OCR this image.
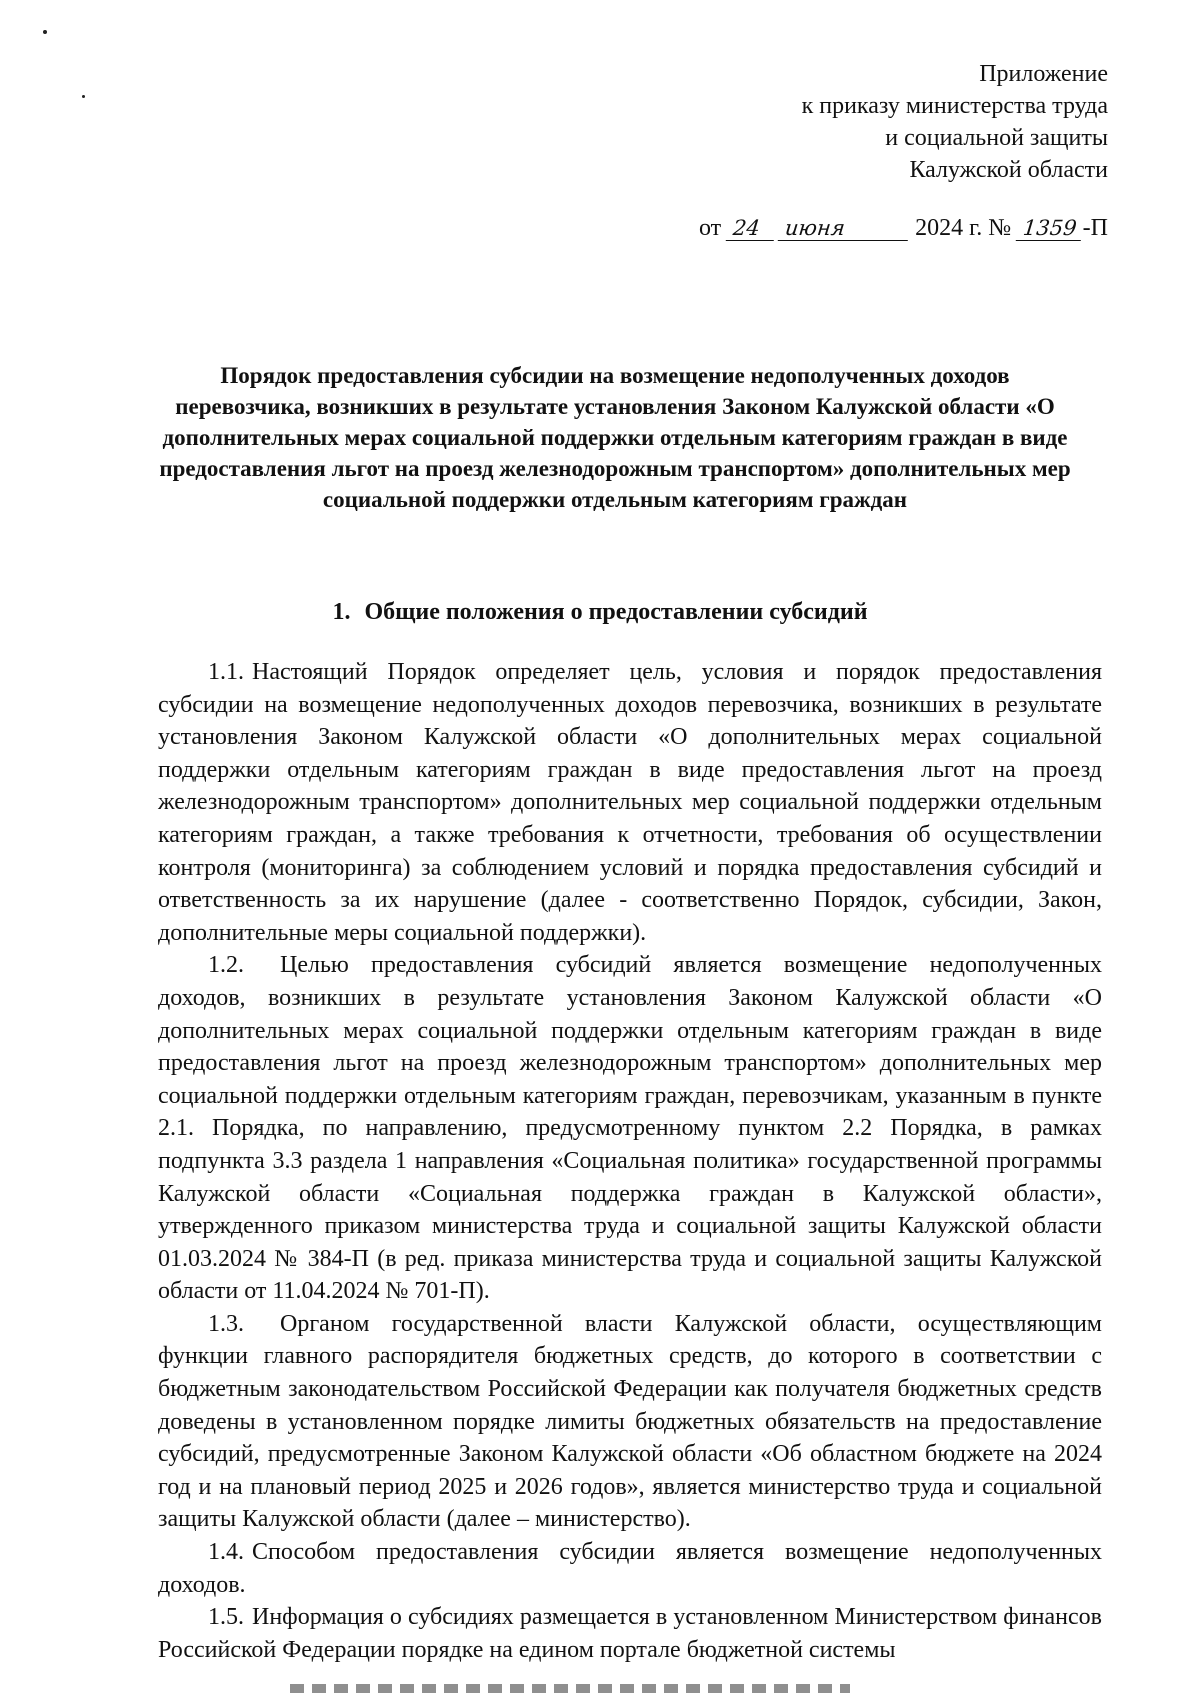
Приложение
к приказу министерства труда
и социальной защиты
Калужской области
от 24 июня	2024 г. № 1359 -П
Порядок предоставления субсидии на возмещение недополученных доходов перевозчика, возникших в результате установления Законом Калужской области «О дополнительных мерах социальной поддержки отдельным категориям граждан в виде предоставления льгот на проезд железнодорожным транспортом» дополнительных мер социальной поддержки отдельным категориям граждан
1. Общие положения о предоставлении субсидий

1.1. Настоящий Порядок определяет цель, условия и порядок предоставления субсидии на возмещение недополученных доходов перевозчика, возникших в результате установления Законом Калужской области «О дополнительных мерах социальной поддержки отдельным категориям граждан в виде предоставления льгот на проезд железнодорожным транспортом» дополнительных мер социальной поддержки отдельным категориям граждан, а также требования к отчетности, требования об осуществлении контроля (мониторинга) за соблюдением условий и порядка предоставления субсидий и ответственность за их нарушение (далее - соответственно Порядок, субсидии, Закон, дополнительные меры социальной поддержки).

1.2. Целью предоставления субсидий является возмещение недополученных доходов, возникших в результате установления Законом Калужской области «О дополнительных мерах социальной поддержки отдельным категориям граждан в виде предоставления льгот на проезд железнодорожным транспортом» дополнительных мер социальной поддержки отдельным категориям граждан, перевозчикам, указанным в пункте 2.1. Порядка, по направлению, предусмотренному пунктом 2.2 Порядка, в рамках подпункта 3.3 раздела 1 направления «Социальная политика» государственной программы Калужской области «Социальная поддержка граждан в Калужской области», утвержденного приказом министерства труда и социальной защиты Калужской области 01.03.2024 № 384-П (в ред. приказа министерства труда и социальной защиты Калужской области от 11.04.2024 № 701-П).

1.3. Органом государственной власти Калужской области, осуществляющим функции главного распорядителя бюджетных средств, до которого в соответствии с бюджетным законодательством Российской Федерации как получателя бюджетных средств доведены в установленном порядке лимиты бюджетных обязательств на предоставление субсидий, предусмотренные Законом Калужской области «Об областном бюджете на 2024 год и на плановый период 2025 и 2026 годов», является министерство труда и социальной защиты Калужской области (далее – министерство).

1.4. Способом предоставления субсидии является возмещение недополученных доходов.

1.5. Информация о субсидиях размещается в установленном Министерством финансов Российской Федерации порядке на едином портале бюджетной системы
